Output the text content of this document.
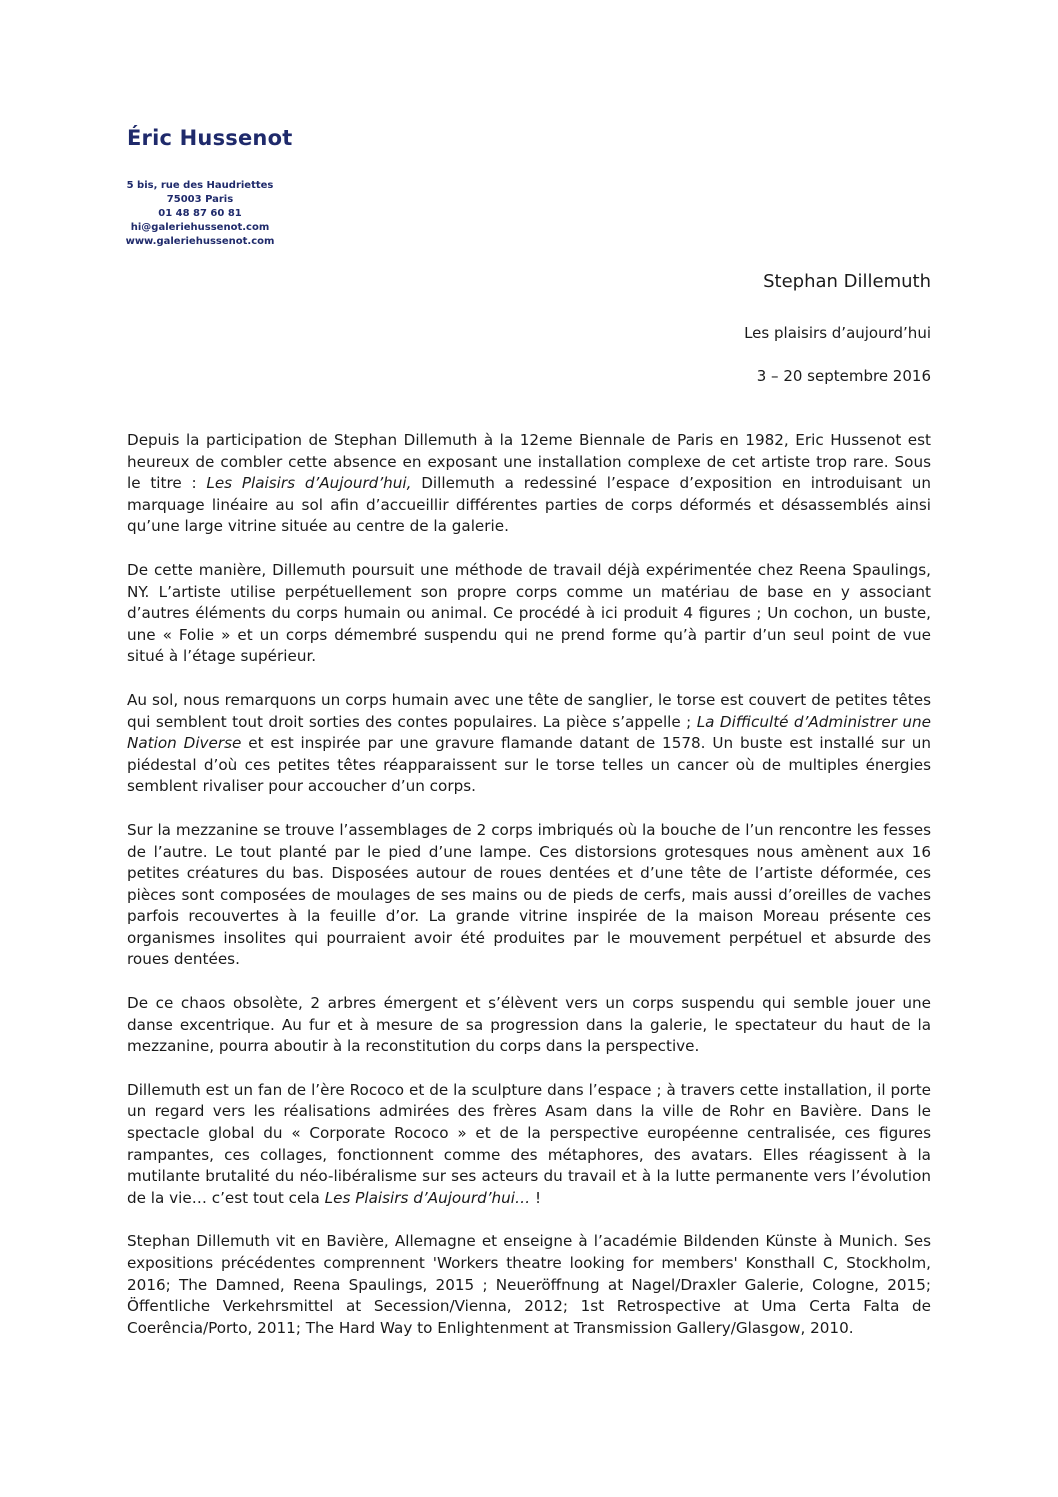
Éric Hussenot
5 bis, rue des Haudriettes
75003 Paris
01 48 87 60 81
hi@galeriehussenot.com
www.galeriehussenot.com
Stephan Dillemuth
Les plaisirs d’aujourd’hui
3 – 20 septembre 2016

Depuis la participation de Stephan Dillemuth à la 12eme Biennale de Paris en 1982, Eric Hussenot est heureux de combler cette absence en exposant une installation complexe de cet artiste trop rare. Sous le titre : Les Plaisirs d’Aujourd’hui, Dillemuth a redessiné l’espace d’exposition en introduisant un marquage linéaire au sol afin d’accueillir différentes parties de corps déformés et désassemblés ainsi qu’une large vitrine située au centre de la galerie.

De cette manière, Dillemuth poursuit une méthode de travail déjà expérimentée chez Reena Spaulings, NY. L’artiste utilise perpétuellement son propre corps comme un matériau de base en y associant d’autres éléments du corps humain ou animal. Ce procédé à ici produit 4 figures ; Un cochon, un buste, une « Folie » et un corps démembré suspendu qui ne prend forme qu’à partir d’un seul point de vue situé à l’étage supérieur.

Au sol, nous remarquons un corps humain avec une tête de sanglier, le torse est couvert de petites têtes qui semblent tout droit sorties des contes populaires. La pièce s’appelle ; La Difficulté d’Administrer une Nation Diverse et est inspirée par une gravure flamande datant de 1578. Un buste est installé sur un piédestal d’où ces petites têtes réapparaissent sur le torse telles un cancer où de multiples énergies semblent rivaliser pour accoucher d’un corps.

Sur la mezzanine se trouve l’assemblages de 2 corps imbriqués où la bouche de l’un rencontre les fesses de l’autre. Le tout planté par le pied d’une lampe. Ces distorsions grotesques nous amènent aux 16 petites créatures du bas. Disposées autour de roues dentées et d’une tête de l’artiste déformée, ces pièces sont composées de moulages de ses mains ou de pieds de cerfs, mais aussi d’oreilles de vaches parfois recouvertes à la feuille d’or. La grande vitrine inspirée de la maison Moreau présente ces organismes insolites qui pourraient avoir été produites par le mouvement perpétuel et absurde des roues dentées.

De ce chaos obsolète, 2 arbres émergent et s’élèvent vers un corps suspendu qui semble jouer une danse excentrique. Au fur et à mesure de sa progression dans la galerie, le spectateur du haut de la mezzanine, pourra aboutir à la reconstitution du corps dans la perspective.

Dillemuth est un fan de l’ère Rococo et de la sculpture dans l’espace ; à travers cette installation, il porte un regard vers les réalisations admirées des frères Asam dans la ville de Rohr en Bavière. Dans le spectacle global du « Corporate Rococo » et de la perspective européenne centralisée, ces figures rampantes, ces collages, fonctionnent comme des métaphores, des avatars. Elles réagissent à la mutilante brutalité du néo-libéralisme sur ses acteurs du travail et à la lutte permanente vers l’évolution de la vie… c’est tout cela Les Plaisirs d’Aujourd’hui… !

Stephan Dillemuth vit en Bavière, Allemagne et enseigne à l’académie Bildenden Künste à Munich. Ses expositions précédentes comprennent 'Workers theatre looking for members' Konsthall C, Stockholm, 2016; The Damned, Reena Spaulings, 2015 ; Neueröffnung at Nagel/Draxler Galerie, Cologne, 2015; Öffentliche Verkehrsmittel at Secession/Vienna, 2012; 1st Retrospective at Uma Certa Falta de Coerência/Porto, 2011; The Hard Way to Enlightenment at Transmission Gallery/Glasgow, 2010.
